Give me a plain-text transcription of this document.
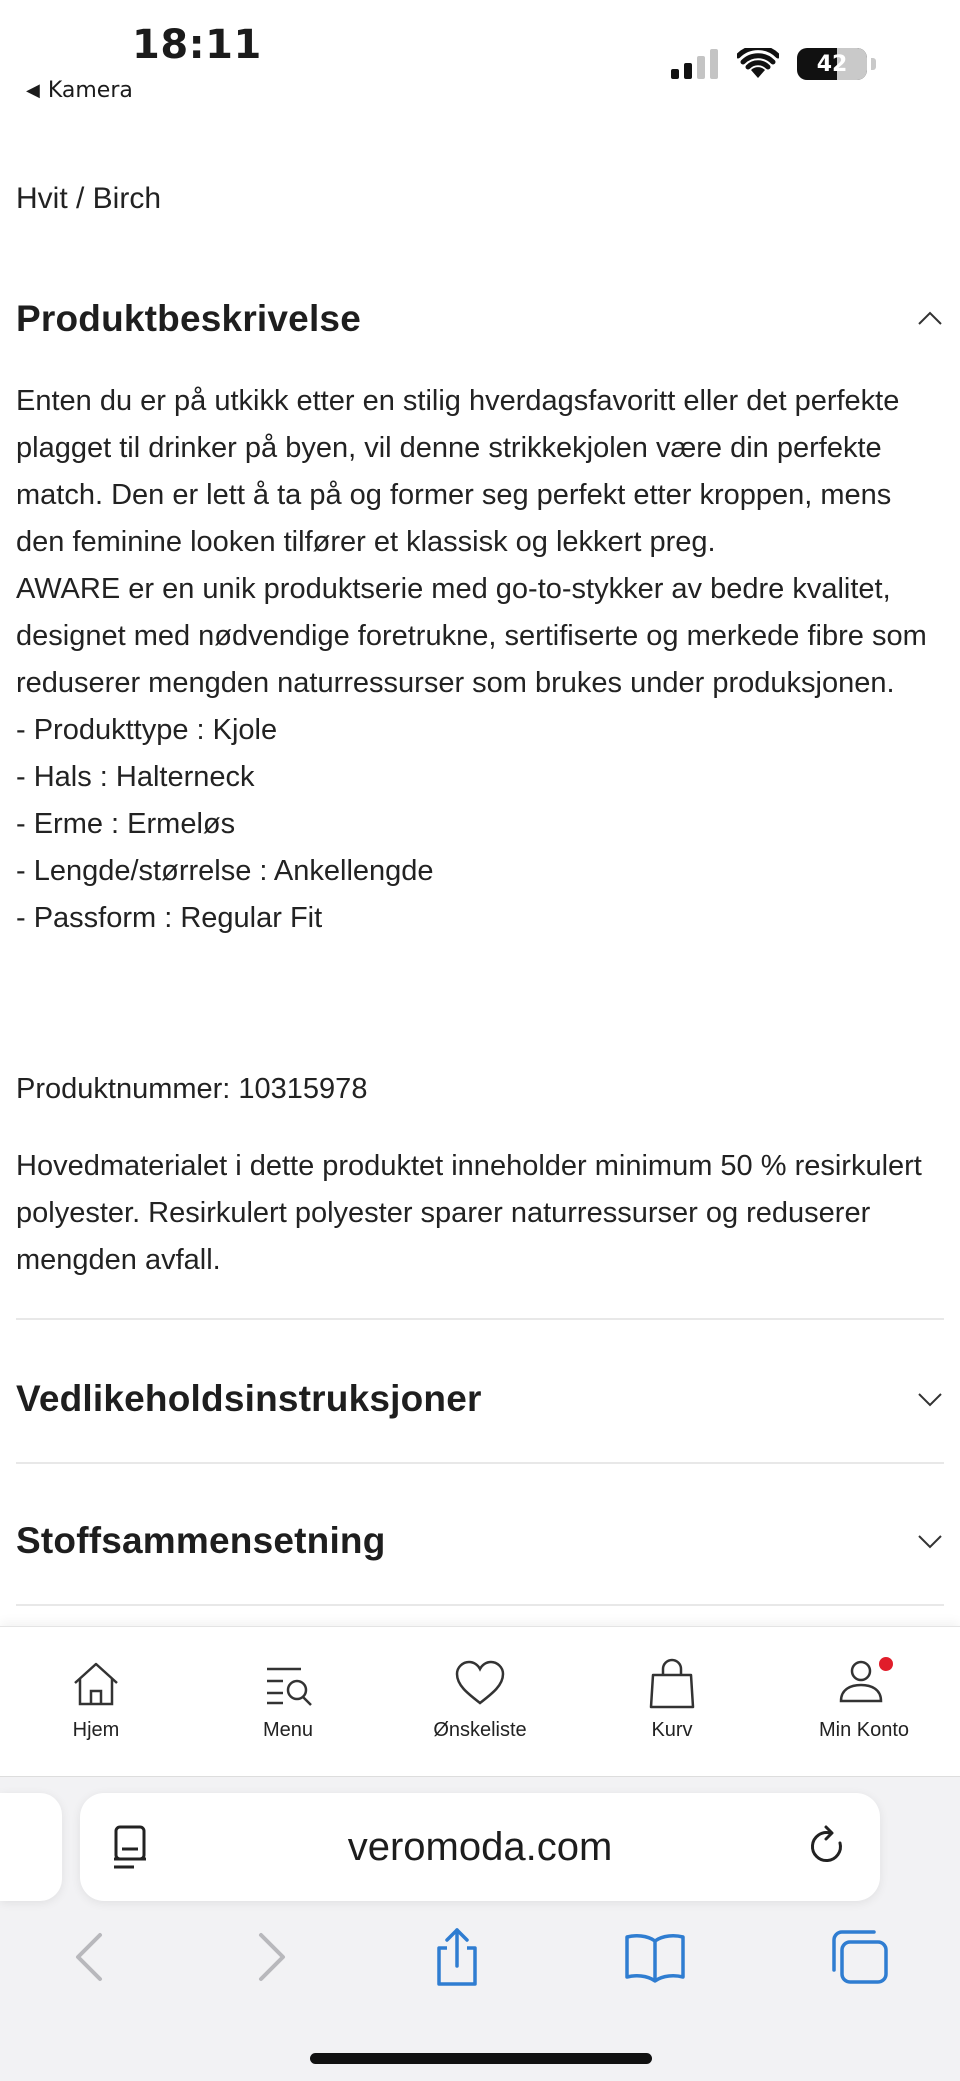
18:11
◀ Kamera
42
Hvit / Birch
Produktbeskrivelse

Enten du er på utkikk etter en stilig hverdagsfavoritt eller det perfekte plagget til drinker på byen, vil denne strikkekjolen være din perfekte match. Den er lett å ta på og former seg perfekt etter kroppen, mens den feminine looken tilfører et klassisk og lekkert preg.

AWARE er en unik produktserie med go-to-stykker av bedre kvalitet, designet med nødvendige foretrukne, sertifiserte og merkede fibre som reduserer mengden naturressurser som brukes under produksjonen.

- Produkttype : Kjole

- Hals : Halterneck

- Erme : Ermeløs

- Lengde/størrelse : Ankellengde

- Passform : Regular Fit

Produktnummer: 10315978
Hovedmaterialet i dette produktet inneholder minimum 50 % resirkulert polyester. Resirkulert polyester sparer naturressurser og reduserer mengden avfall.
Vedlikeholdsinstruksjoner
Stoffsammensetning
Hjem	Menu	Ønskeliste	Kurv	Min Konto
veromoda.com
